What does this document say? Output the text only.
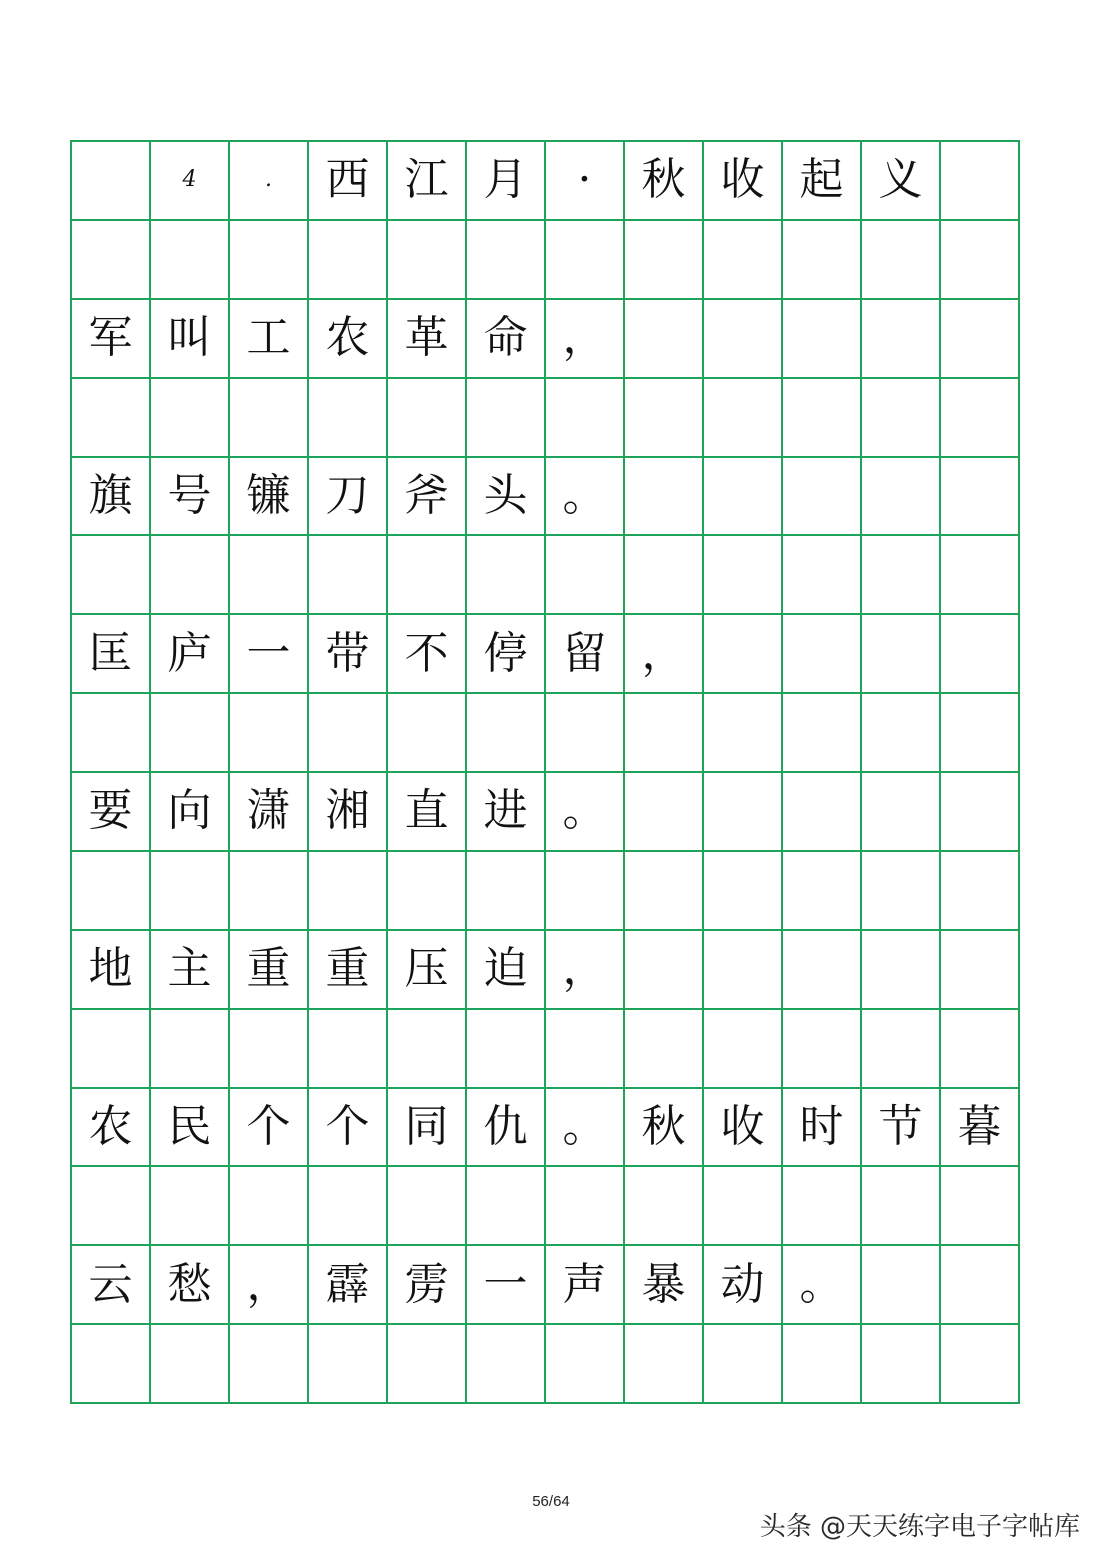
4	.	西 江 月	·	秋 收 起 义
军 叫 工 农 革 命 ，
旗 号 镰 刀 斧 头 。
匡 庐 一 带 不 停 留 ，
要 向 潇 湘 直 进 。
地 主 重 重 压 迫 ，
农 民 个 个 同 仇 。 秋 收 时 节 暮
云 愁 ， 霹 雳 一 声 暴 动 。
56/64
头条 @天天练字电子字帖库
